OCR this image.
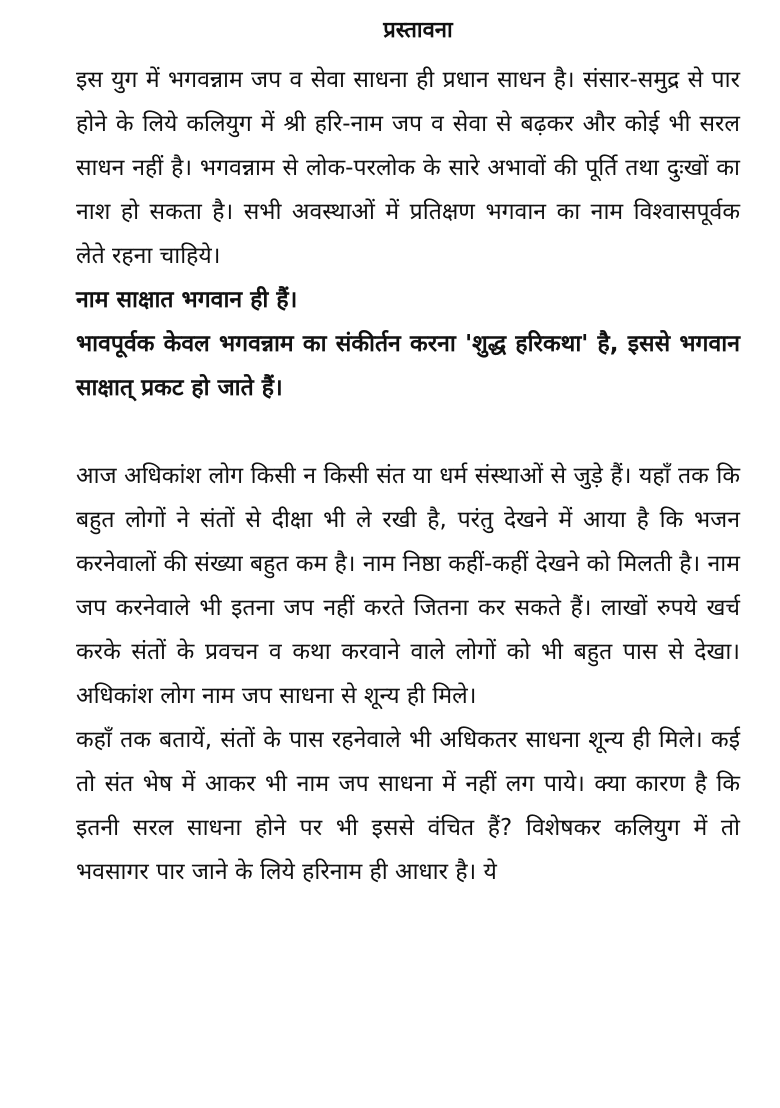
प्रस्तावना

इस युग में भगवन्नाम जप व सेवा साधना ही प्रधान साधन है। संसार-समुद्र से पार होने के लिये कलियुग में श्री हरि-नाम जप व सेवा से बढ़कर और कोई भी सरल साधन नहीं है। भगवन्नाम से लोक-परलोक के सारे अभावों की पूर्ति तथा दुःखों का नाश हो सकता है। सभी अवस्थाओं में प्रतिक्षण भगवान का नाम विश्वासपूर्वक लेते रहना चाहिये।

नाम साक्षात भगवान ही हैं।

भावपूर्वक केवल भगवन्नाम का संकीर्तन करना 'शुद्ध हरिकथा' है, इससे भगवान साक्षात् प्रकट हो जाते हैं।

आज अधिकांश लोग किसी न किसी संत या धर्म संस्थाओं से जुड़े हैं। यहाँ तक कि बहुत लोगों ने संतों से दीक्षा भी ले रखी है, परंतु देखने में आया है कि भजन करनेवालों की संख्या बहुत कम है। नाम निष्ठा कहीं-कहीं देखने को मिलती है। नाम जप करनेवाले भी इतना जप नहीं करते जितना कर सकते हैं। लाखों रुपये खर्च करके संतों के प्रवचन व कथा करवाने वाले लोगों को भी बहुत पास से देखा। अधिकांश लोग नाम जप साधना से शून्य ही मिले।

कहाँ तक बतायें, संतों के पास रहनेवाले भी अधिकतर साधना शून्य ही मिले। कई तो संत भेष में आकर भी नाम जप साधना में नहीं लग पाये। क्या कारण है कि इतनी सरल साधना होने पर भी इससे वंचित हैं? विशेषकर कलियुग में तो भवसागर पार जाने के लिये हरिनाम ही आधार है। ये
